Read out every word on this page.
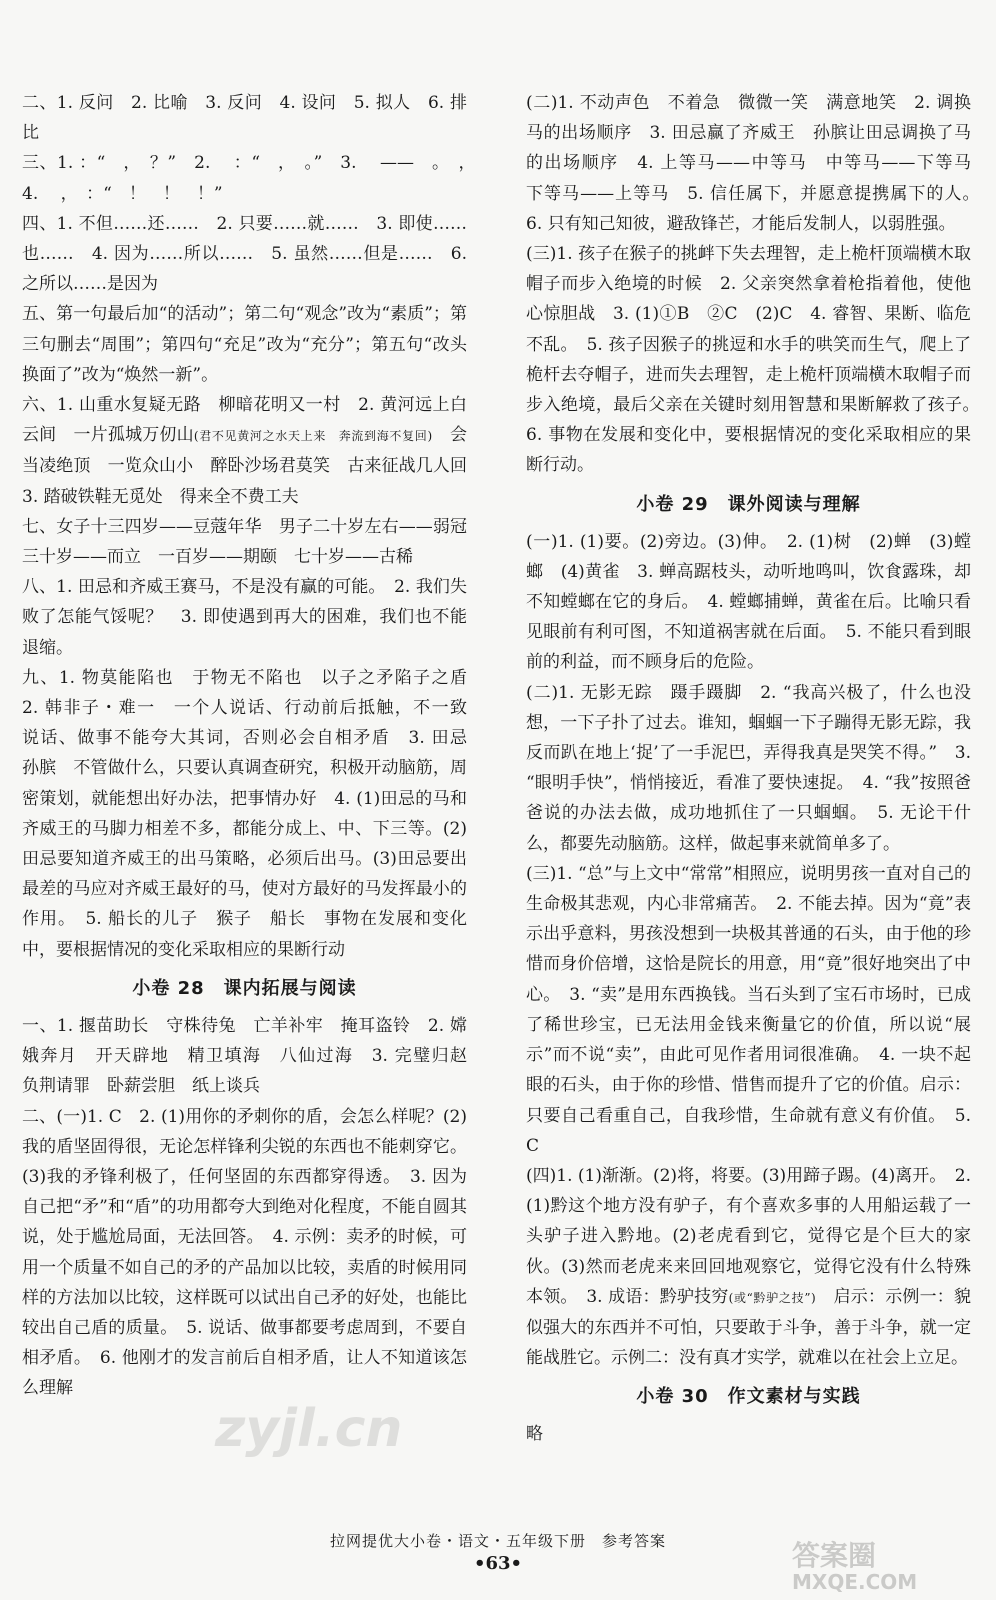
二、1. 反问　2. 比喻　3. 反问　4. 设问　5. 拟人　6. 排比

三、1. ：“　，　？”　2. 　：“　，　。”　3. 　——　。　，　4. 　，　：“　！　！　！”

四、1. 不但……还……　2. 只要……就……　3. 即使……也……　4. 因为……所以……　5. 虽然……但是……　6. 之所以……是因为

五、第一句最后加“的活动”；第二句“观念”改为“素质”；第三句删去“周围”；第四句“充足”改为“充分”；第五句“改头换面了”改为“焕然一新”。

六、1. 山重水复疑无路　柳暗花明又一村　2. 黄河远上白云间　一片孤城万仞山(君不见黄河之水天上来　奔流到海不复回)　会当凌绝顶　一览众山小　醉卧沙场君莫笑　古来征战几人回　3. 踏破铁鞋无觅处　得来全不费工夫

七、女子十三四岁——豆蔻年华　男子二十岁左右——弱冠　三十岁——而立　一百岁——期颐　七十岁——古稀

八、1. 田忌和齐威王赛马，不是没有赢的可能。　2. 我们失败了怎能气馁呢？　3. 即使遇到再大的困难，我们也不能退缩。

九、1. 物莫能陷也　于物无不陷也　以子之矛陷子之盾　2. 韩非子・难一　一个人说话、行动前后抵触，不一致　说话、做事不能夸大其词，否则必会自相矛盾　3. 田忌　孙膑　不管做什么，只要认真调查研究，积极开动脑筋，周密策划，就能想出好办法，把事情办好　4. (1)田忌的马和齐威王的马脚力相差不多，都能分成上、中、下三等。(2)田忌要知道齐威王的出马策略，必须后出马。(3)田忌要出最差的马应对齐威王最好的马，使对方最好的马发挥最小的作用。　5. 船长的儿子　猴子　船长　事物在发展和变化中，要根据情况的变化采取相应的果断行动

小卷 28　课内拓展与阅读

一、1. 揠苗助长　守株待兔　亡羊补牢　掩耳盗铃　2. 嫦娥奔月　开天辟地　精卫填海　八仙过海　3. 完璧归赵　负荆请罪　卧薪尝胆　纸上谈兵

二、(一)1. C　2. (1)用你的矛刺你的盾，会怎么样呢？(2)我的盾坚固得很，无论怎样锋利尖锐的东西也不能刺穿它。(3)我的矛锋利极了，任何坚固的东西都穿得透。　3. 因为自己把“矛”和“盾”的功用都夸大到绝对化程度，不能自圆其说，处于尴尬局面，无法回答。　4. 示例：卖矛的时候，可用一个质量不如自己的矛的产品加以比较，卖盾的时候用同样的方法加以比较，这样既可以试出自己矛的好处，也能比较出自己盾的质量。　5. 说话、做事都要考虑周到，不要自相矛盾。　6. 他刚才的发言前后自相矛盾，让人不知道该怎么理解

(二)1. 不动声色　不着急　微微一笑　满意地笑　2. 调换马的出场顺序　3. 田忌赢了齐威王　孙膑让田忌调换了马的出场顺序　4. 上等马——中等马　中等马——下等马　下等马——上等马　5. 信任属下，并愿意提携属下的人。　6. 只有知己知彼，避敌锋芒，才能后发制人，以弱胜强。

(三)1. 孩子在猴子的挑衅下失去理智，走上桅杆顶端横木取帽子而步入绝境的时候　2. 父亲突然拿着枪指着他，使他心惊胆战　3. (1)①B　②C　(2)C　4. 睿智、果断、临危不乱。　5. 孩子因猴子的挑逗和水手的哄笑而生气，爬上了桅杆去夺帽子，进而失去理智，走上桅杆顶端横木取帽子而步入绝境，最后父亲在关键时刻用智慧和果断解救了孩子。　6. 事物在发展和变化中，要根据情况的变化采取相应的果断行动。

小卷 29　课外阅读与理解

(一)1. (1)要。(2)旁边。(3)伸。　2. (1)树　(2)蝉　(3)螳螂　(4)黄雀　3. 蝉高踞枝头，动听地鸣叫，饮食露珠，却不知螳螂在它的身后。　4. 螳螂捕蝉，黄雀在后。比喻只看见眼前有利可图，不知道祸害就在后面。　5. 不能只看到眼前的利益，而不顾身后的危险。

(二)1. 无影无踪　蹑手蹑脚　2. “我高兴极了，什么也没想，一下子扑了过去。谁知，蝈蝈一下子蹦得无影无踪，我反而趴在地上‘捉’了一手泥巴，弄得我真是哭笑不得。”　3. “眼明手快”，悄悄接近，看准了要快速捉。　4. “我”按照爸爸说的办法去做，成功地抓住了一只蝈蝈。　5. 无论干什么，都要先动脑筋。这样，做起事来就简单多了。

(三)1. “总”与上文中“常常”相照应，说明男孩一直对自己的生命极其悲观，内心非常痛苦。　2. 不能去掉。因为“竟”表示出乎意料，男孩没想到一块极其普通的石头，由于他的珍惜而身价倍增，这恰是院长的用意，用“竟”很好地突出了中心。　3. “卖”是用东西换钱。当石头到了宝石市场时，已成了稀世珍宝，已无法用金钱来衡量它的价值，所以说“展示”而不说“卖”，由此可见作者用词很准确。　4. 一块不起眼的石头，由于你的珍惜、惜售而提升了它的价值。启示：只要自己看重自己，自我珍惜，生命就有意义有价值。　5. C

(四)1. (1)渐渐。(2)将，将要。(3)用蹄子踢。(4)离开。　2. (1)黔这个地方没有驴子，有个喜欢多事的人用船运载了一头驴子进入黔地。(2)老虎看到它，觉得它是个巨大的家伙。(3)然而老虎来来回回地观察它，觉得它没有什么特殊本领。　3. 成语：黔驴技穷(或“黔驴之技”)　启示：示例一：貌似强大的东西并不可怕，只要敢于斗争，善于斗争，就一定能战胜它。示例二：没有真才实学，就难以在社会上立足。

小卷 30　作文素材与实践

略

拉网提优大小卷・语文・五年级下册　参考答案
•63•
zyjl.cn
答案圈
MXQE.COM
